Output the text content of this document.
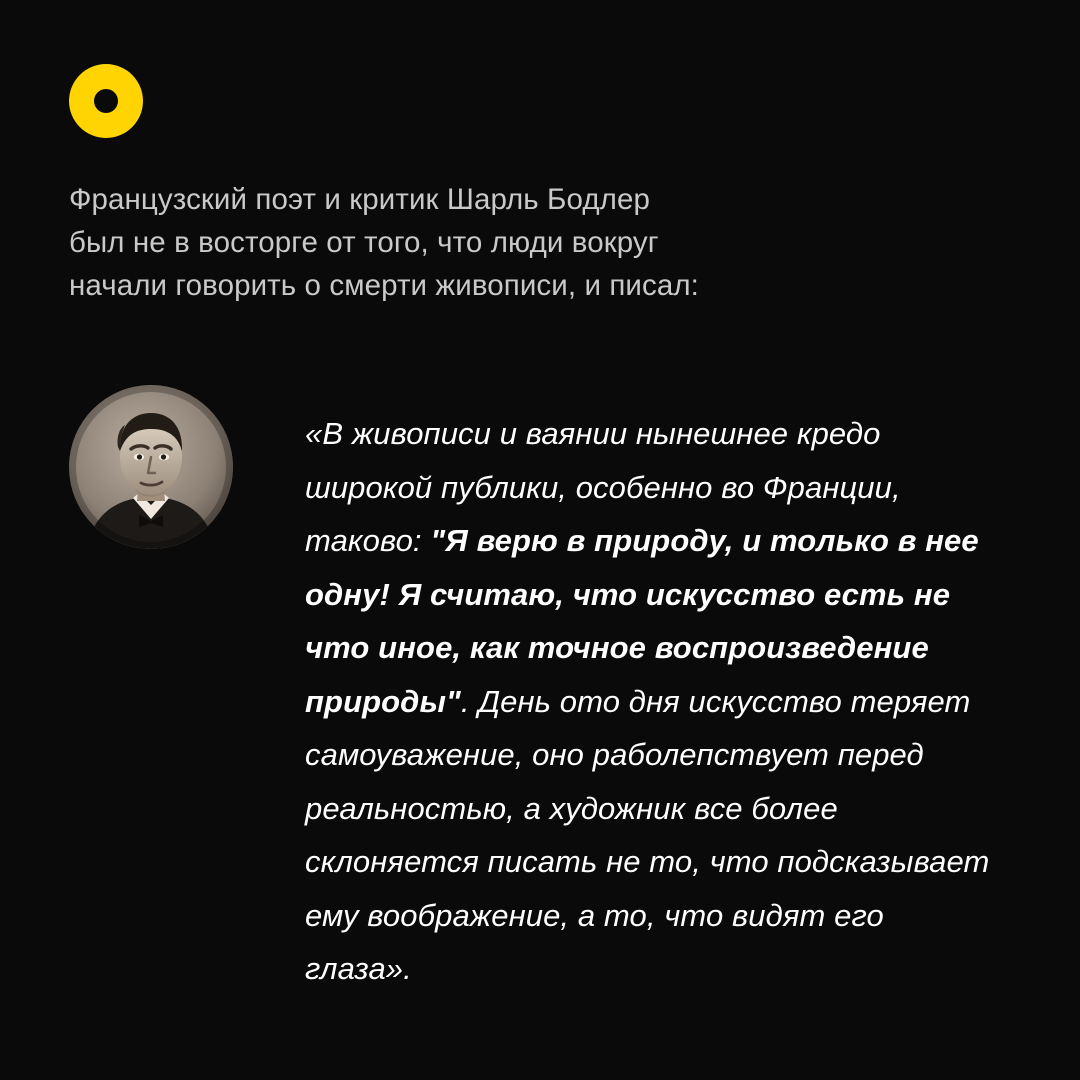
Французский поэт и критик Шарль Бодлер
был не в восторге от того, что люди вокруг
начали говорить о смерти живописи, и писал:
«В живописи и ваянии нынешнее кредо широкой публики, особенно во Франции, таково: "Я верю в природу, и только в нее одну! Я считаю, что искусство есть не что иное, как точное воспроизведение природы". День ото дня искусство теряет самоуважение, оно раболепствует перед реальностью, а художник все более склоняется писать не то, что подсказывает ему воображение, а то, что видят его глаза».
